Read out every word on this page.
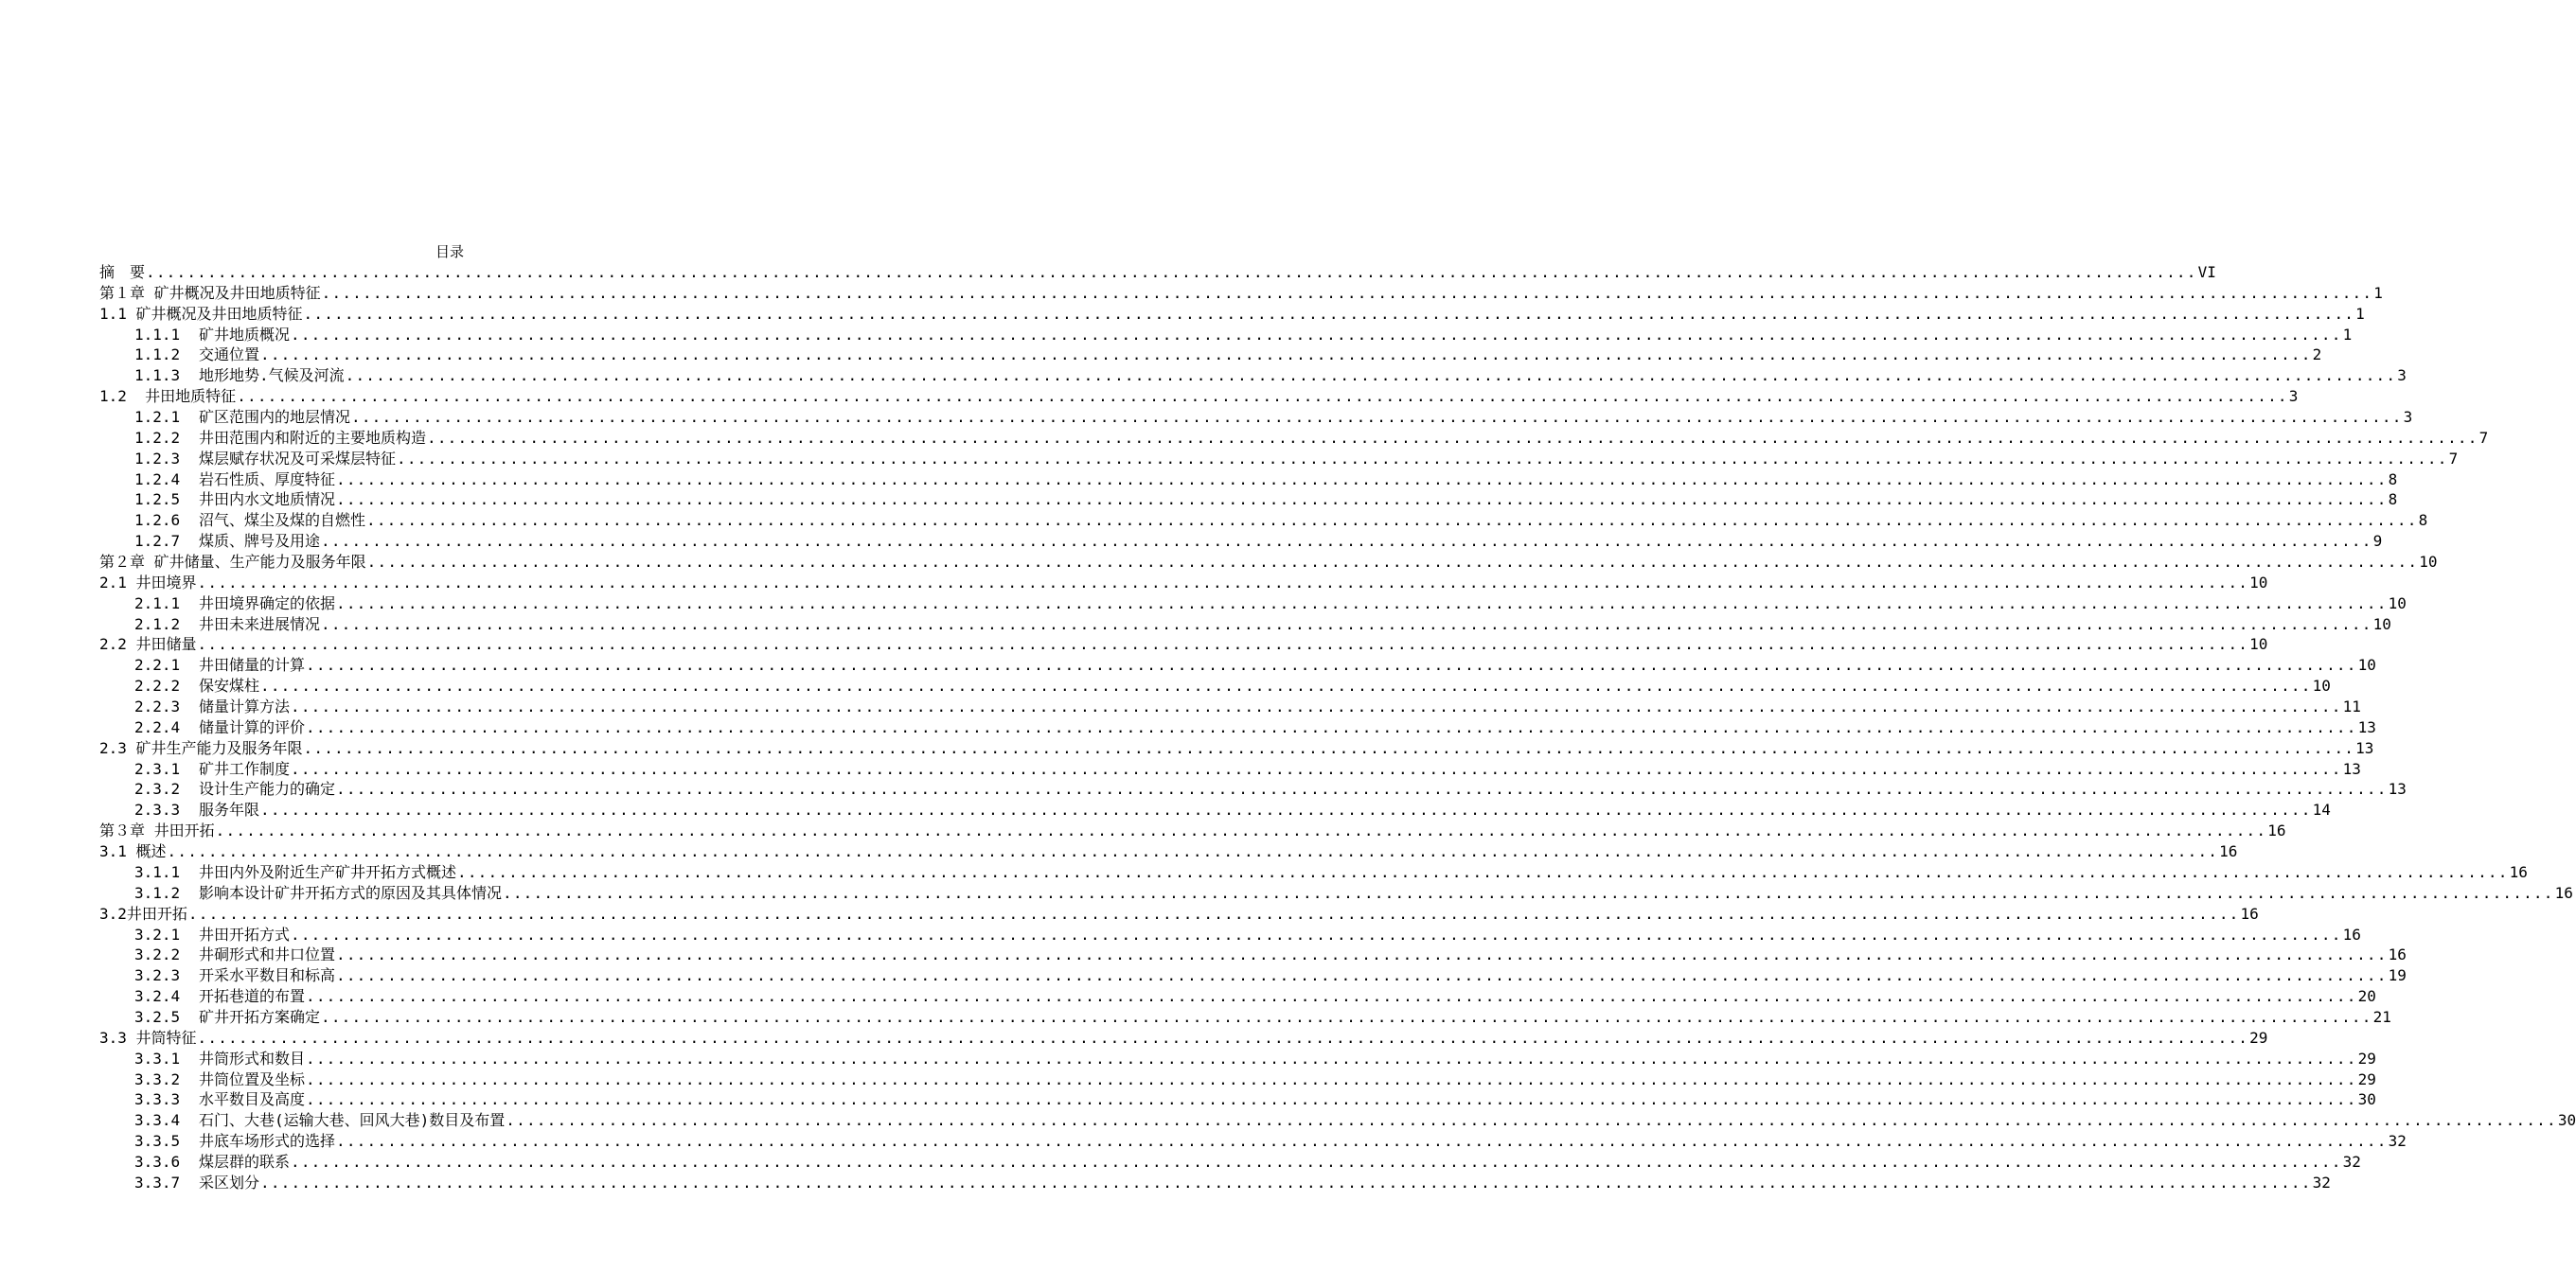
目录
摘　要 ........................................................................................................................................................................................................ VI
第１章 矿井概况及井田地质特征 ........................................................................................................................................................................................................ 1
1.1 矿井概况及井田地质特征 ........................................................................................................................................................................................................ 1
1.1.1	矿井地质概况 ........................................................................................................................................................................................................ 1
1.1.2	交通位置 ........................................................................................................................................................................................................ 2
1.1.3	地形地势.气候及河流 ........................................................................................................................................................................................................ 3
1.2 井田地质特征 ........................................................................................................................................................................................................ 3
1.2.1	矿区范围内的地层情况 ........................................................................................................................................................................................................ 3
1.2.2	井田范围内和附近的主要地质构造 ........................................................................................................................................................................................................ 7
1.2.3	煤层赋存状况及可采煤层特征 ........................................................................................................................................................................................................ 7
1.2.4	岩石性质、厚度特征 ........................................................................................................................................................................................................ 8
1.2.5	井田内水文地质情况 ........................................................................................................................................................................................................ 8
1.2.6	沼气、煤尘及煤的自燃性 ........................................................................................................................................................................................................ 8
1.2.7	煤质、牌号及用途 ........................................................................................................................................................................................................ 9
第２章 矿井储量、生产能力及服务年限 ........................................................................................................................................................................................................ 10
2.1 井田境界 ........................................................................................................................................................................................................ 10
2.1.1	井田境界确定的依据 ........................................................................................................................................................................................................ 10
2.1.2	井田未来进展情况 ........................................................................................................................................................................................................ 10
2.2 井田储量 ........................................................................................................................................................................................................ 10
2.2.1	井田储量的计算 ........................................................................................................................................................................................................ 10
2.2.2	保安煤柱 ........................................................................................................................................................................................................ 10
2.2.3	储量计算方法 ........................................................................................................................................................................................................ 11
2.2.4	储量计算的评价 ........................................................................................................................................................................................................ 13
2.3 矿井生产能力及服务年限 ........................................................................................................................................................................................................ 13
2.3.1	矿井工作制度 ........................................................................................................................................................................................................ 13
2.3.2	设计生产能力的确定 ........................................................................................................................................................................................................ 13
2.3.3	服务年限 ........................................................................................................................................................................................................ 14
第３章 井田开拓 ........................................................................................................................................................................................................ 16
3.1 概述 ........................................................................................................................................................................................................ 16
3.1.1	井田内外及附近生产矿井开拓方式概述 ........................................................................................................................................................................................................ 16
3.1.2	影响本设计矿井开拓方式的原因及其具体情况 ........................................................................................................................................................................................................ 16
3.2 井田开拓 ........................................................................................................................................................................................................ 16
3.2.1	井田开拓方式 ........................................................................................................................................................................................................ 16
3.2.2	井硐形式和井口位置 ........................................................................................................................................................................................................ 16
3.2.3	开采水平数目和标高 ........................................................................................................................................................................................................ 19
3.2.4	开拓巷道的布置 ........................................................................................................................................................................................................ 20
3.2.5	矿井开拓方案确定 ........................................................................................................................................................................................................ 21
3.3 井筒特征 ........................................................................................................................................................................................................ 29
3.3.1	井筒形式和数目 ........................................................................................................................................................................................................ 29
3.3.2	井筒位置及坐标 ........................................................................................................................................................................................................ 29
3.3.3	水平数目及高度 ........................................................................................................................................................................................................ 30
3.3.4	石门、大巷(运输大巷、回风大巷)数目及布置 ........................................................................................................................................................................................................ 30
3.3.5	井底车场形式的选择 ........................................................................................................................................................................................................ 32
3.3.6	煤层群的联系 ........................................................................................................................................................................................................ 32
3.3.7	采区划分 ........................................................................................................................................................................................................ 32
